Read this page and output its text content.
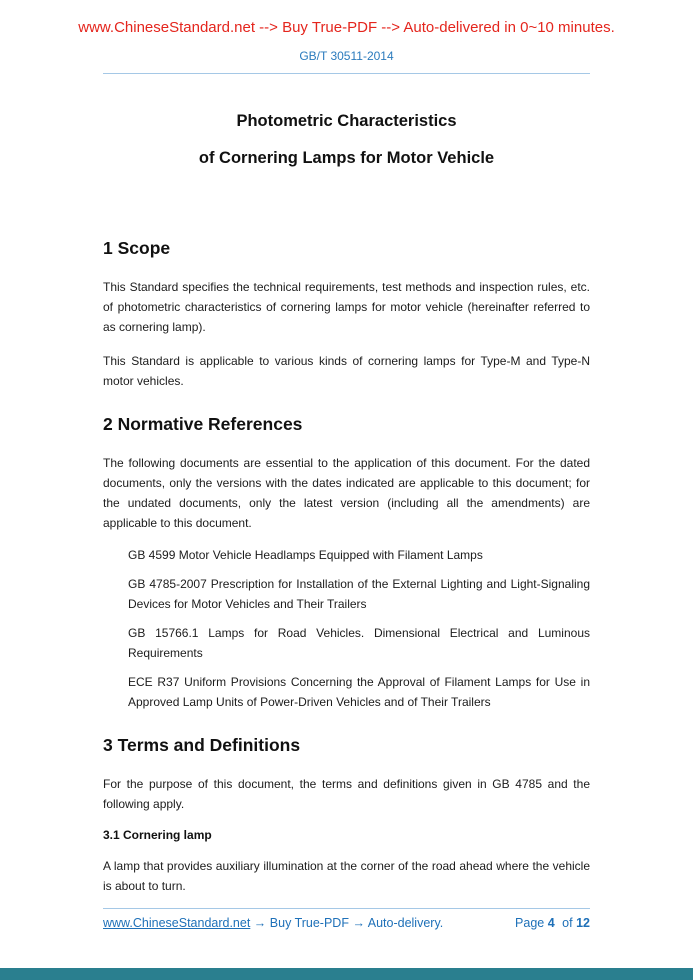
www.ChineseStandard.net --> Buy True-PDF --> Auto-delivered in 0~10 minutes.
GB/T 30511-2014
Photometric Characteristics
of Cornering Lamps for Motor Vehicle
1 Scope

This Standard specifies the technical requirements, test methods and inspection rules, etc. of photometric characteristics of cornering lamps for motor vehicle (hereinafter referred to as cornering lamp).

This Standard is applicable to various kinds of cornering lamps for Type-M and Type-N motor vehicles.

2 Normative References

The following documents are essential to the application of this document. For the dated documents, only the versions with the dates indicated are applicable to this document; for the undated documents, only the latest version (including all the amendments) are applicable to this document.

GB 4599 Motor Vehicle Headlamps Equipped with Filament Lamps

GB 4785-2007 Prescription for Installation of the External Lighting and Light-Signaling Devices for Motor Vehicles and Their Trailers

GB 15766.1 Lamps for Road Vehicles. Dimensional Electrical and Luminous Requirements

ECE R37 Uniform Provisions Concerning the Approval of Filament Lamps for Use in Approved Lamp Units of Power-Driven Vehicles and of Their Trailers

3 Terms and Definitions

For the purpose of this document, the terms and definitions given in GB 4785 and the following apply.

3.1 Cornering lamp

A lamp that provides auxiliary illumination at the corner of the road ahead where the vehicle is about to turn.

www.ChineseStandard.net → Buy True-PDF → Auto-delivery.	Page 4 of 12
